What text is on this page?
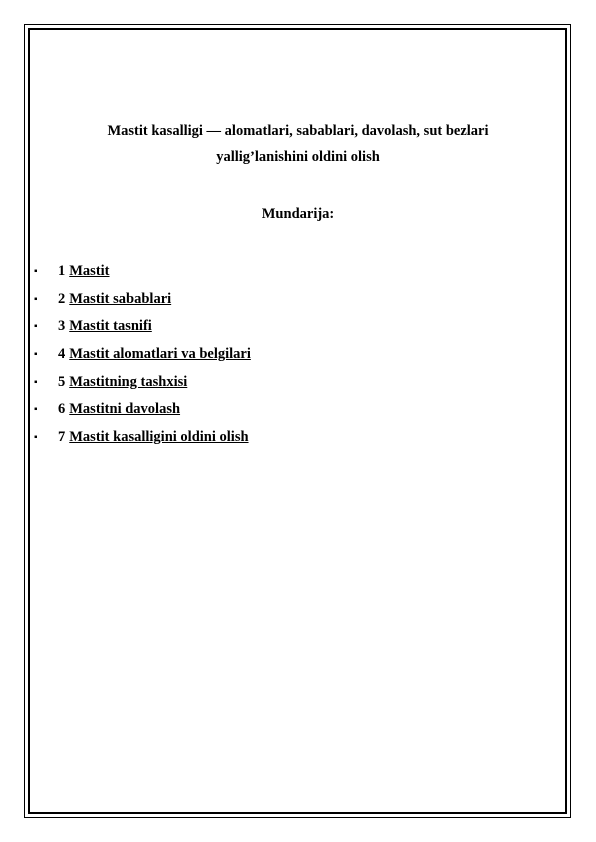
Mastit kasalligi — alomatlari, sabablari, davolash, sut bezlari
yallig’lanishini oldini olish
Mundarija:
▪	1 Mastit
▪	2 Mastit sabablari
▪	3 Mastit tasnifi
▪	4 Mastit alomatlari va belgilari
▪	5 Mastitning tashxisi
▪	6 Mastitni davolash
▪	7 Mastit kasalligini oldini olish
